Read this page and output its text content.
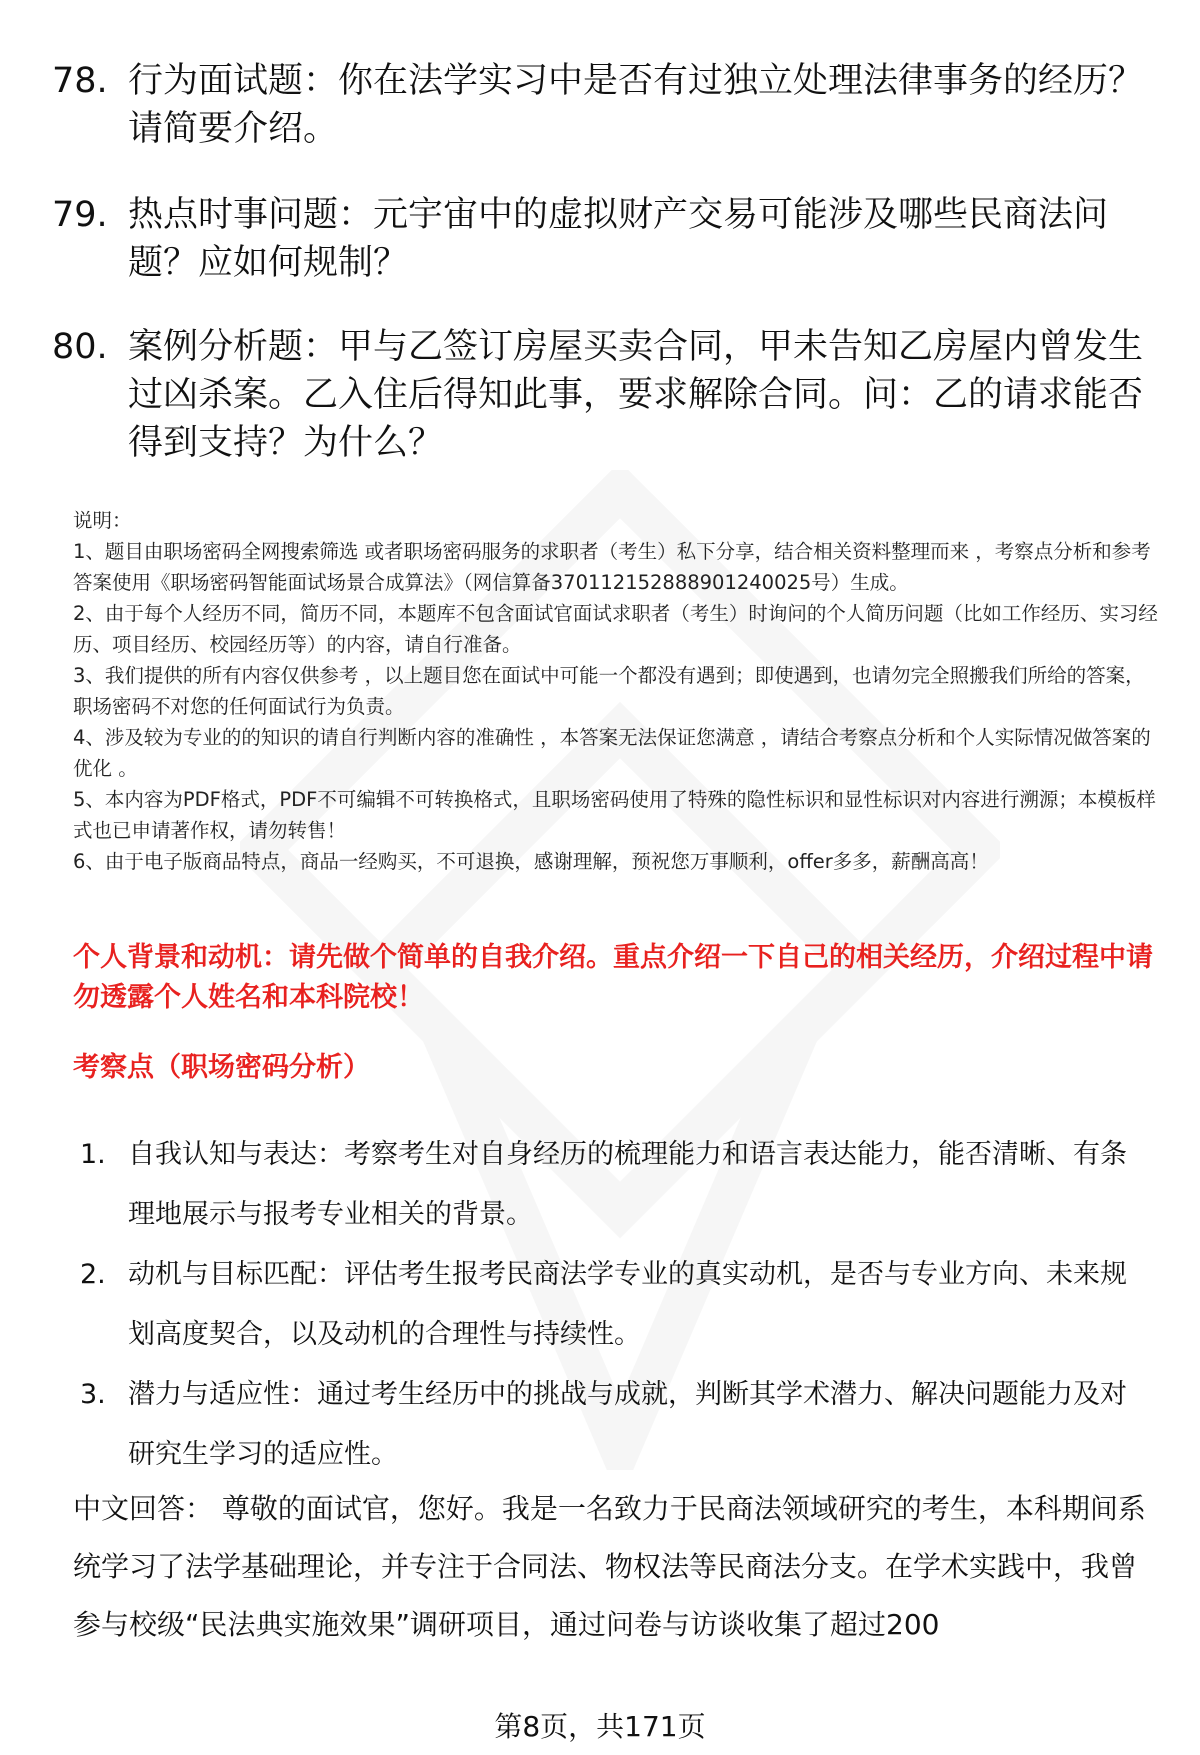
78. 行为面试题：你在法学实习中是否有过独立处理法律事务的经历？请简要介绍。
79. 热点时事问题：元宇宙中的虚拟财产交易可能涉及哪些民商法问题？应如何规制？
80. 案例分析题：甲与乙签订房屋买卖合同，甲未告知乙房屋内曾发生过凶杀案。乙入住后得知此事，要求解除合同。问：乙的请求能否得到支持？为什么？
说明：
1、题目由职场密码全网搜索筛选 或者职场密码服务的求职者（考生）私下分享，结合相关资料整理而来 ，考察点分析和参考答案使用《职场密码智能面试场景合成算法》（网信算备370112152888901240025号）生成。
2、由于每个人经历不同，简历不同，本题库不包含面试官面试求职者（考生）时询问的个人简历问题（比如工作经历、实习经历、项目经历、校园经历等）的内容，请自行准备。
3、我们提供的所有内容仅供参考 ，以上题目您在面试中可能一个都没有遇到；即使遇到，也请勿完全照搬我们所给的答案，职场密码不对您的任何面试行为负责。
4、涉及较为专业的的知识的请自行判断内容的准确性 ，本答案无法保证您满意 ，请结合考察点分析和个人实际情况做答案的优化 。
5、本内容为PDF格式，PDF不可编辑不可转换格式，且职场密码使用了特殊的隐性标识和显性标识对内容进行溯源；本模板样式也已申请著作权，请勿转售！
6、由于电子版商品特点，商品一经购买，不可退换，感谢理解，预祝您万事顺利，offer多多，薪酬高高！
个人背景和动机：请先做个简单的自我介绍。重点介绍一下自己的相关经历，介绍过程中请勿透露个人姓名和本科院校！
考察点（职场密码分析）
1. 自我认知与表达：考察考生对自身经历的梳理能力和语言表达能力，能否清晰、有条理地展示与报考专业相关的背景。
2. 动机与目标匹配：评估考生报考民商法学专业的真实动机，是否与专业方向、未来规划高度契合，以及动机的合理性与持续性。
3. 潜力与适应性：通过考生经历中的挑战与成就，判断其学术潜力、解决问题能力及对研究生学习的适应性。
中文回答： 尊敬的面试官，您好。我是一名致力于民商法领域研究的考生，本科期间系统学习了法学基础理论，并专注于合同法、物权法等民商法分支。在学术实践中，我曾参与校级“民法典实施效果”调研项目，通过问卷与访谈收集了超过200
第8页，共171页
